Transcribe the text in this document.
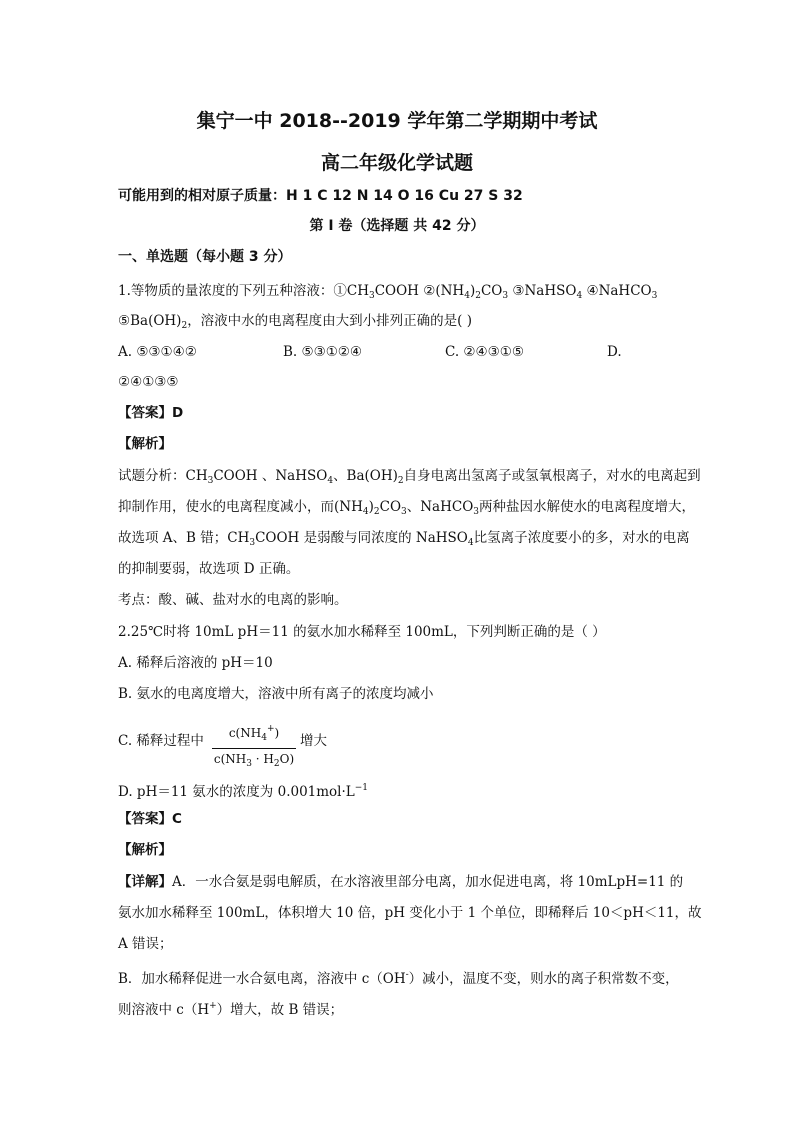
集宁一中 2018--2019 学年第二学期期中考试
高二年级化学试题
可能用到的相对原子质量：H 1 C 12 N 14 O 16 Cu 27 S 32
第 I 卷（选择题 共 42 分）
一、单选题（每小题 3 分）
1.等物质的量浓度的下列五种溶液：$①CH_3COOH$ $②(NH_4)_2CO_3$ ③NaHSO$_4$ ④NaHCO$_3$
$⑤Ba(OH)_2$，溶液中水的电离程度由大到小排列正确的是( )
A. ⑤③①④②	B. ⑤③①②④	C. ②④③①⑤	D.
②④①③⑤
【答案】D
【解析】
试题分析：$CH_3COOH$ 、NaHSO$_4$、$Ba(OH)_2$自身电离出氢离子或氢氧根离子，对水的电离起到
抑制作用，使水的电离程度减小，而$(NH_4)_2CO_3$、NaHCO$_3$两种盐因水解使水的电离程度增大，
故选项 A、B 错；$CH_3COOH$ 是弱酸与同浓度的 NaHSO$_4$比氢离子浓度要小的多，对水的电离
的抑制要弱，故选项 D 正确。
考点：酸、碱、盐对水的电离的影响。
2.25℃时将 10mL pH＝11 的氨水加水稀释至 100mL，下列判断正确的是（ ）
A. 稀释后溶液的 pH＝10
B. 氨水的电离度增大，溶液中所有离子的浓度均减小
C. 稀释过程中	$c(NH_4^+)$
$c(NH_3 \cdot H_2O)$
增大
D. pH＝11 氨水的浓度为 $0.001mol\cdot L^{-1}$
【答案】C
【解析】
【详解】A．一水合氨是弱电解质，在水溶液里部分电离，加水促进电离，将 10mLpH=11 的
氨水加水稀释至 100mL，体积增大 10 倍，pH 变化小于 1 个单位，即稀释后 10＜pH＜11，故
A 错误；
B．加水稀释促进一水合氨电离，溶液中 c（OH-）减小，温度不变，则水的离子积常数不变，
则溶液中 c（H+）增大，故 B 错误；
